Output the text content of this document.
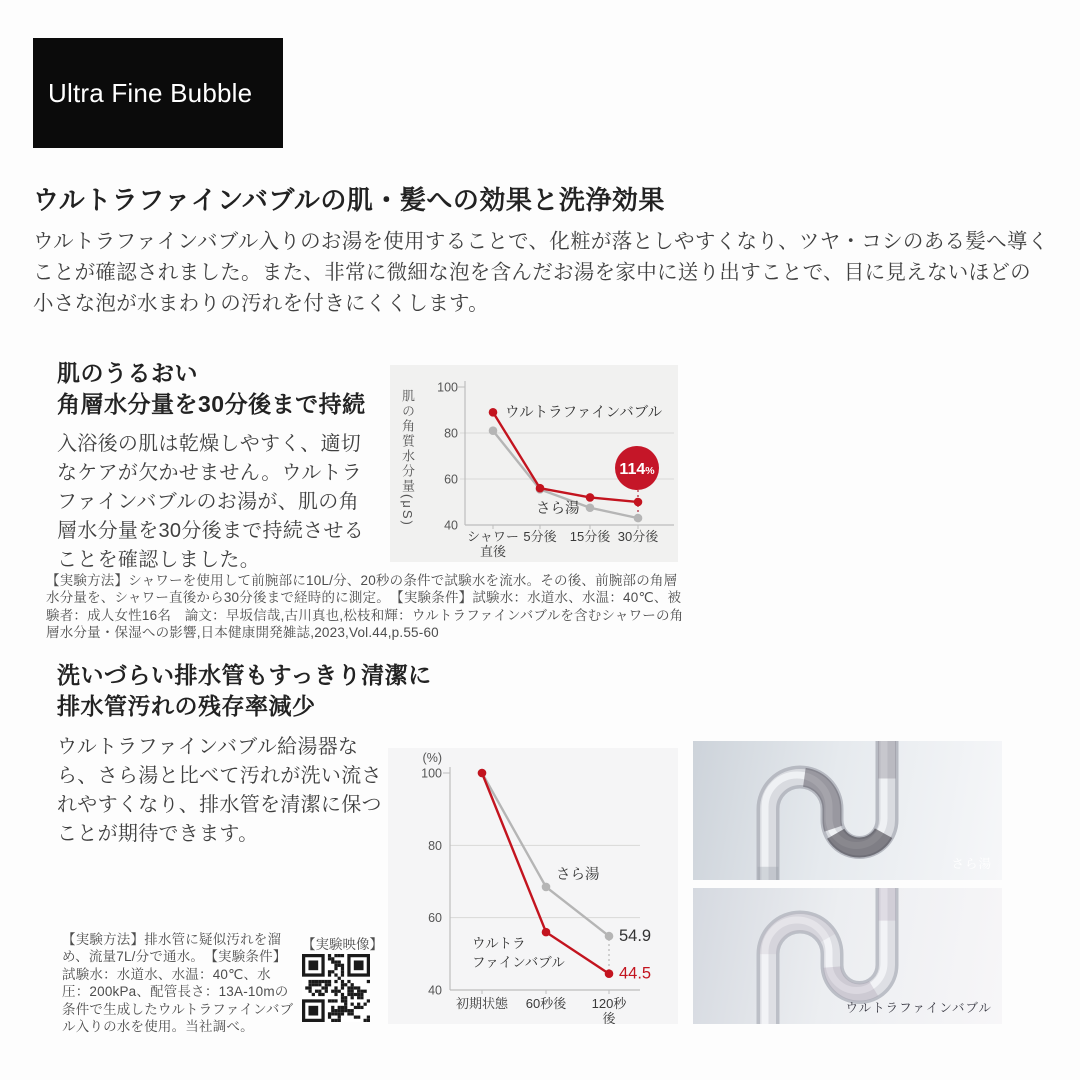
Ultra Fine Bubble
ウルトラファインバブルの肌・髪への効果と洗浄効果
ウルトラファインバブル入りのお湯を使用することで、化粧が落としやすくなり、ツヤ・コシのある髪へ導くことが確認されました。また、非常に微細な泡を含んだお湯を家中に送り出すことで、目に見えないほどの小さな泡が水まわりの汚れを付きにくくします。
肌のうるおい
角層水分量を30分後まで持続
入浴後の肌は乾燥しやすく、適切なケアが欠かせません。ウルトラファインバブルのお湯が、肌の角層水分量を30分後まで持続させることを確認しました。
肌の角質水分量(μS) 40
60
80
100
シャワー
直後
5分後 15分後 30分後
ウルトラファインバブル
さら湯
114%
【実験方法】シャワーを使用して前腕部に10L/分、20秒の条件で試験水を流水。その後、前腕部の角層水分量を、シャワー直後から30分後まで経時的に測定。　【実験条件】試験水：水道水、水温：40℃、被験者：成人女性16名　論文：早坂信哉,古川真也,松枝和輝：ウルトラファインバブルを含むシャワーの角層水分量・保湿への影響,日本健康開発雑誌,2023,Vol.44,p.55-60
洗いづらい排水管もすっきり清潔に
排水管汚れの残存率減少
ウルトラファインバブル給湯器なら、さら湯と比べて汚れが洗い流されやすくなり、排水管を清潔に保つことが期待できます。
【実験方法】排水管に疑似汚れを溜め、流量7L/分で通水。　【実験条件】試験水：水道水、水温：40℃、水圧：200kPa、配管長さ：13A-10mの条件で生成したウルトラファインバブル入りの水を使用。当社調べ。
【実験映像】
40
60
80
100
初期状態 60秒後 120秒
後
(%)
さら湯
ウルトラ
ファインバブル
54.9
44.5
さら湯
ウルトラファインバブル
